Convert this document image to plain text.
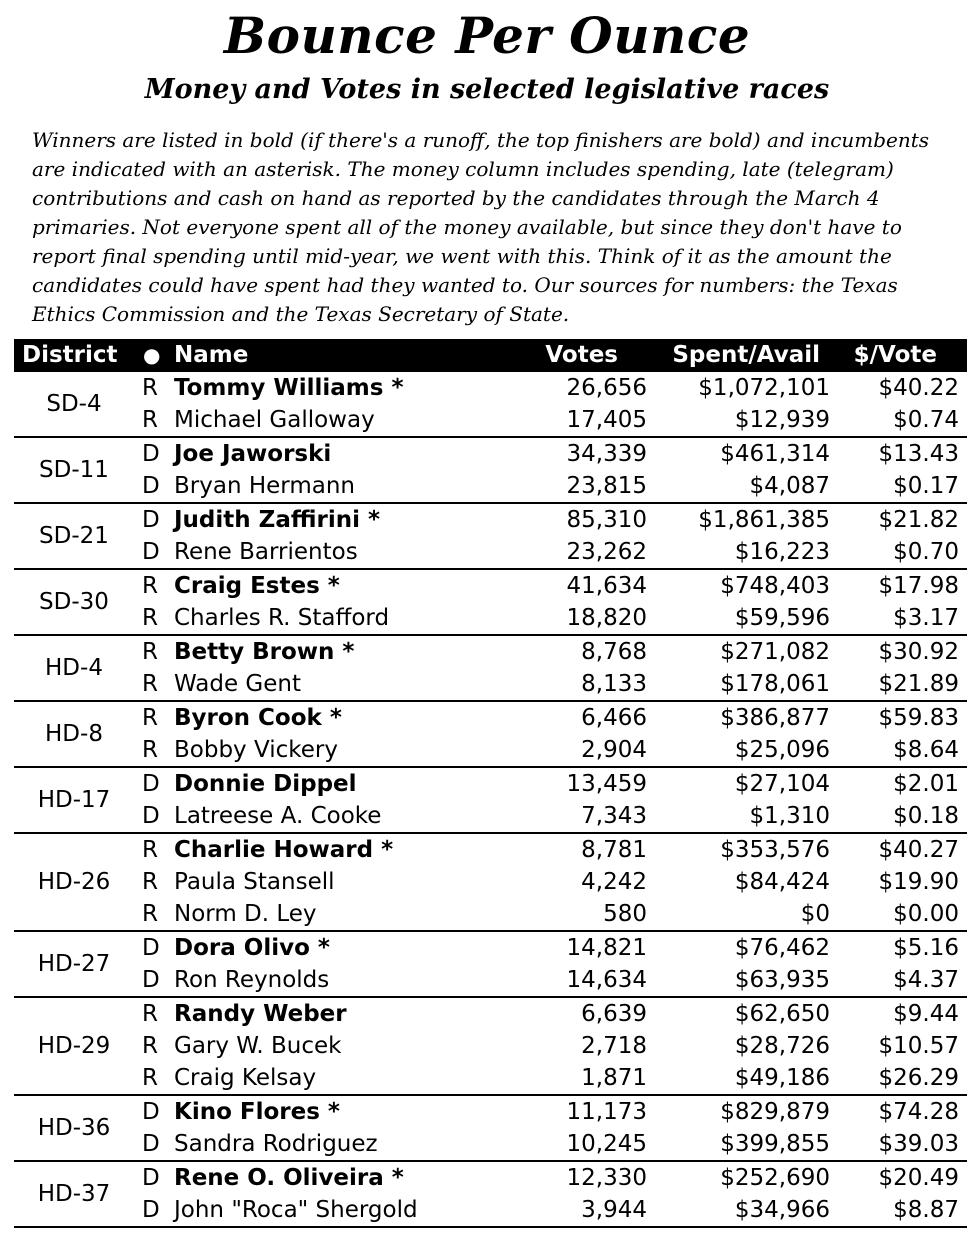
Bounce Per Ounce
Money and Votes in selected legislative races

Winners are listed in bold (if there's a runoff, the top finishers are bold) and incumbents are indicated with an asterisk. The money column includes spending, late (telegram) contributions and cash on hand as reported by the candidates through the March 4 primaries. Not everyone spent all of the money available, but since they don't have to report final spending until mid-year, we went with this. Think of it as the amount the candidates could have spent had they wanted to. Our sources for numbers: the Texas Ethics Commission and the Texas Secretary of State.

District ● Name	Votes Spent/Avail $/Vote
SD-4
R Tommy Williams *	26,656 $1,072,101 $40.22
R Michael Galloway	17,405	$12,939	$0.74
SD-11
D Joe Jaworski	34,339	$461,314 $13.43
D Bryan Hermann	23,815	$4,087	$0.17
SD-21
D Judith Zaffirini *	85,310 $1,861,385 $21.82
D Rene Barrientos	23,262	$16,223	$0.70
SD-30
R Craig Estes *	41,634	$748,403 $17.98
R Charles R. Stafford	18,820	$59,596	$3.17
HD-4
R Betty Brown *	8,768	$271,082 $30.92
R Wade Gent	8,133	$178,061 $21.89
HD-8
R Byron Cook *	6,466	$386,877 $59.83
R Bobby Vickery	2,904	$25,096	$8.64
HD-17
D Donnie Dippel	13,459	$27,104	$2.01
D Latreese A. Cooke	7,343	$1,310	$0.18
HD-26
R Charlie Howard *	8,781	$353,576 $40.27
R Paula Stansell	4,242	$84,424 $19.90
R Norm D. Ley	580	$0	$0.00
HD-27
D Dora Olivo *	14,821	$76,462	$5.16
D Ron Reynolds	14,634	$63,935	$4.37
HD-29
R Randy Weber	6,639	$62,650	$9.44
R Gary W. Bucek	2,718	$28,726 $10.57
R Craig Kelsay	1,871	$49,186 $26.29
HD-36
D Kino Flores *	11,173	$829,879 $74.28
D Sandra Rodriguez	10,245	$399,855 $39.03
HD-37
D Rene O. Oliveira *	12,330	$252,690 $20.49
D John "Roca" Shergold	3,944	$34,966	$8.87
